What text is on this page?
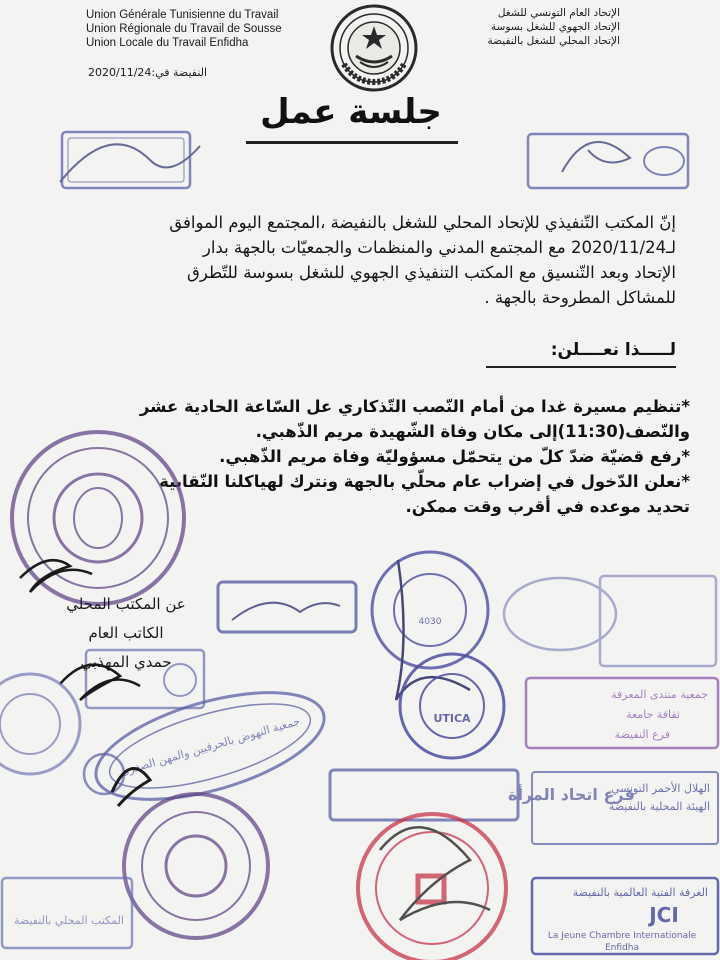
Union Générale Tunisienne du Travail
Union Régionale du Travail de Sousse
Union Locale du Travail Enfidha
الإتحاد العام التونسي للشغل
الإتحاد الجهوي للشغل بسوسة
الإتحاد المحلي للشغل بالنفيضة
النفيضة في:2020/11/24
جلسة عمل

إنّ المكتب التّنفيذي للإتحاد المحلي للشغل بالنفيضة ،المجتمع اليوم الموافق

لـ2020/11/24 مع المجتمع المدني والمنظمات والجمعيّات بالجهة بدار

الإتحاد وبعد التّنسيق مع المكتب التنفيذي الجهوي للشغل بسوسة للتّطرق

للمشاكل المطروحة بالجهة .

لـــــذا نعــــلن:

*تنظيم مسيرة غدا من أمام النّصب التّذكاري عل السّاعة الحادية عشر

والنّصف(11:30)إلى مكان وفاة الشّهيدة مريم الذّهبي.

*رفع قضيّة ضدّ كلّ من يتحمّل مسؤوليّة وفاة مريم الذّهبي.

*نعلن الدّخول في إضراب عام محلّي بالجهة ونترك لهياكلنا النّقابية

تحديد موعده في أقرب وقت ممكن.

4030
UTICA
جمعية منتدى المعرفة
ثقافة جامعة
فرع النفيضة
جمعية النهوض بالحرفيين والمهن الصغرى
فرع اتحاد المرأة
الهلال الأحمر التونسي
الهيئة المحلية بالنفيضة
الغرفة الفتية العالمية بالنفيضة
JCI
La Jeune Chambre Internationale
Enfidha
المكتب المحلي بالنفيضة
عن المكتب المحلي
الكاتب العام
حمدي المهذبي
